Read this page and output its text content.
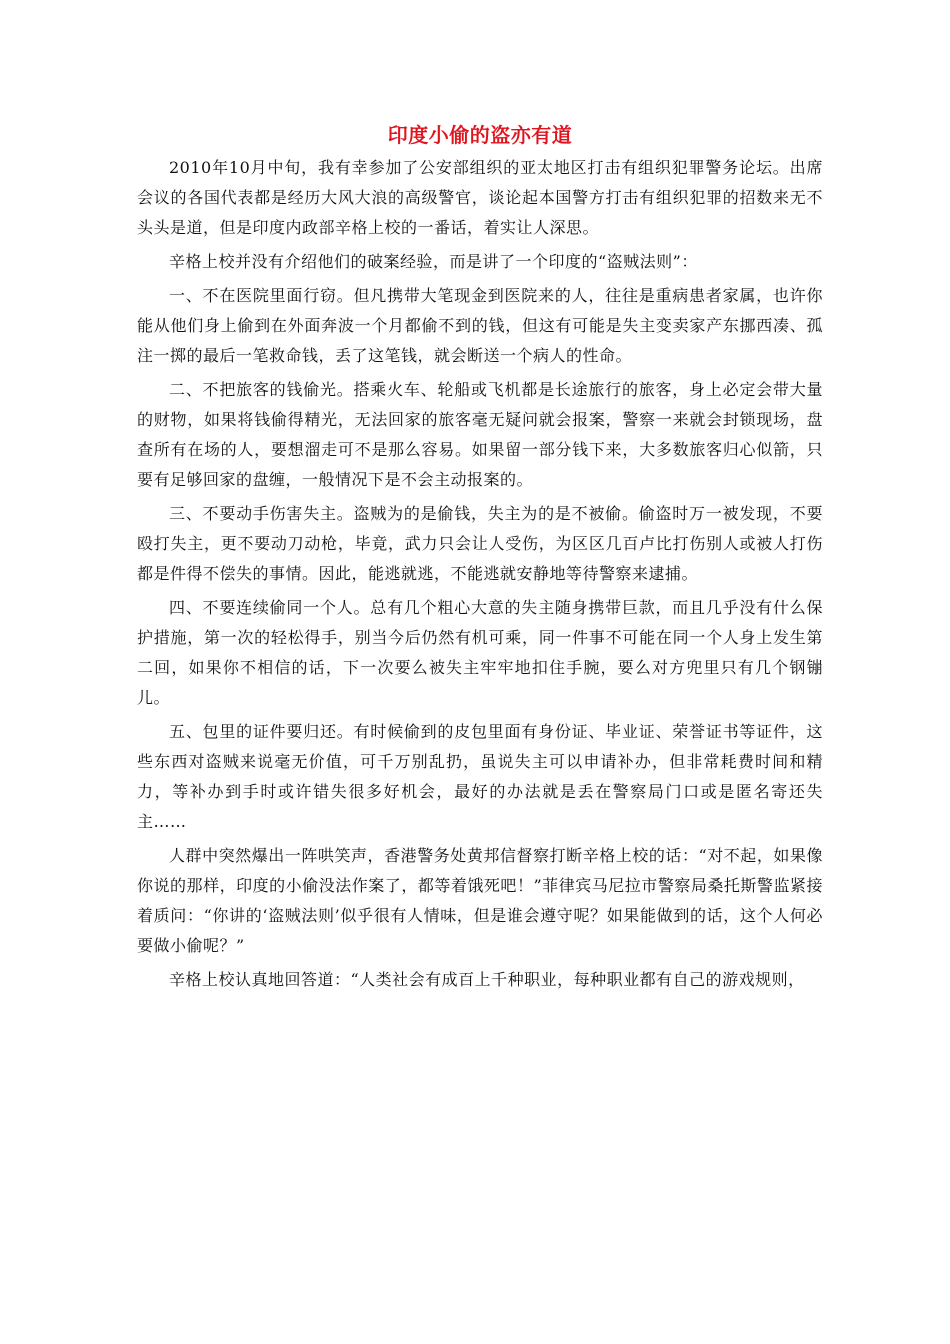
印度小偷的盗亦有道

2010年10月中旬，我有幸参加了公安部组织的亚太地区打击有组织犯罪警务论坛。出席会议的各国代表都是经历大风大浪的高级警官，谈论起本国警方打击有组织犯罪的招数来无不头头是道，但是印度内政部辛格上校的一番话，着实让人深思。

辛格上校并没有介绍他们的破案经验，而是讲了一个印度的“盗贼法则”：

一、不在医院里面行窃。但凡携带大笔现金到医院来的人，往往是重病患者家属，也许你能从他们身上偷到在外面奔波一个月都偷不到的钱，但这有可能是失主变卖家产东挪西凑、孤注一掷的最后一笔救命钱，丢了这笔钱，就会断送一个病人的性命。

二、不把旅客的钱偷光。搭乘火车、轮船或飞机都是长途旅行的旅客，身上必定会带大量的财物，如果将钱偷得精光，无法回家的旅客毫无疑问就会报案，警察一来就会封锁现场，盘查所有在场的人，要想溜走可不是那么容易。如果留一部分钱下来，大多数旅客归心似箭，只要有足够回家的盘缠，一般情况下是不会主动报案的。

三、不要动手伤害失主。盗贼为的是偷钱，失主为的是不被偷。偷盗时万一被发现，不要殴打失主，更不要动刀动枪，毕竟，武力只会让人受伤，为区区几百卢比打伤别人或被人打伤都是件得不偿失的事情。因此，能逃就逃，不能逃就安静地等待警察来逮捕。

四、不要连续偷同一个人。总有几个粗心大意的失主随身携带巨款，而且几乎没有什么保护措施，第一次的轻松得手，别当今后仍然有机可乘，同一件事不可能在同一个人身上发生第二回，如果你不相信的话，下一次要么被失主牢牢地扣住手腕，要么对方兜里只有几个钢镚儿。

五、包里的证件要归还。有时候偷到的皮包里面有身份证、毕业证、荣誉证书等证件，这些东西对盗贼来说毫无价值，可千万别乱扔，虽说失主可以申请补办，但非常耗费时间和精力，等补办到手时或许错失很多好机会，最好的办法就是丢在警察局门口或是匿名寄还失主……

人群中突然爆出一阵哄笑声，香港警务处黄邦信督察打断辛格上校的话：“对不起，如果像你说的那样，印度的小偷没法作案了，都等着饿死吧！”菲律宾马尼拉市警察局桑托斯警监紧接着质问：“你讲的‘盗贼法则’似乎很有人情味，但是谁会遵守呢？如果能做到的话，这个人何必要做小偷呢？”

辛格上校认真地回答道：“人类社会有成百上千种职业，每种职业都有自己的游戏规则，
